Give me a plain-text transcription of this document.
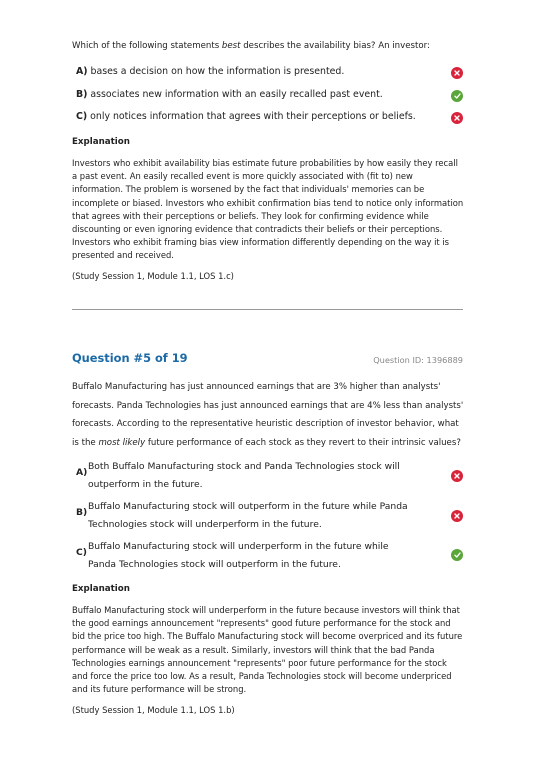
Which of the following statements best describes the availability bias? An investor:
A) bases a decision on how the information is presented.
B) associates new information with an easily recalled past event.
C) only notices information that agrees with their perceptions or beliefs.
Explanation
Investors who exhibit availability bias estimate future probabilities by how easily they recall a past event. An easily recalled event is more quickly associated with (fit to) new information. The problem is worsened by the fact that individuals' memories can be incomplete or biased. Investors who exhibit confirmation bias tend to notice only information that agrees with their perceptions or beliefs. They look for confirming evidence while discounting or even ignoring evidence that contradicts their beliefs or their perceptions. Investors who exhibit framing bias view information differently depending on the way it is presented and received.
(Study Session 1, Module 1.1, LOS 1.c)
Question #5 of 19	Question ID: 1396889
Buffalo Manufacturing has just announced earnings that are 3% higher than analysts' forecasts. Panda Technologies has just announced earnings that are 4% less than analysts' forecasts. According to the representative heuristic description of investor behavior, what is the most likely future performance of each stock as they revert to their intrinsic values?
A)
Both Buffalo Manufacturing stock and Panda Technologies stock will outperform in the future.
B)
Buffalo Manufacturing stock will outperform in the future while Panda Technologies stock will underperform in the future.
C)
Buffalo Manufacturing stock will underperform in the future while Panda Technologies stock will outperform in the future.
Explanation
Buffalo Manufacturing stock will underperform in the future because investors will think that the good earnings announcement "represents" good future performance for the stock and bid the price too high. The Buffalo Manufacturing stock will become overpriced and its future performance will be weak as a result. Similarly, investors will think that the bad Panda Technologies earnings announcement "represents" poor future performance for the stock and force the price too low. As a result, Panda Technologies stock will become underpriced and its future performance will be strong.
(Study Session 1, Module 1.1, LOS 1.b)
